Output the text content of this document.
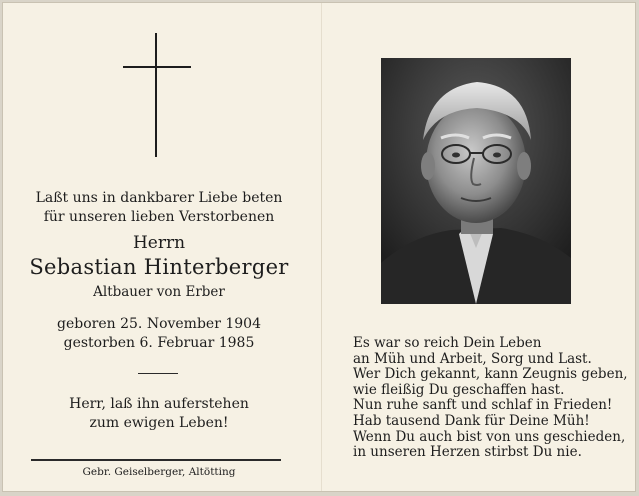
Laßt uns in dankbarer Liebe beten
für unseren lieben Verstorbenen
Herrn
Sebastian Hinterberger
Altbauer von Erber
geboren 25. November 1904
gestorben 6. Februar 1985
Herr, laß ihn auferstehen
zum ewigen Leben!
Gebr. Geiselberger, Altötting
Es war so reich Dein Leben
an Müh und Arbeit, Sorg und Last.
Wer Dich gekannt, kann Zeugnis geben,
wie fleißig Du geschaffen hast.
Nun ruhe sanft und schlaf in Frieden!
Hab tausend Dank für Deine Müh!
Wenn Du auch bist von uns geschieden,
in unseren Herzen stirbst Du nie.
